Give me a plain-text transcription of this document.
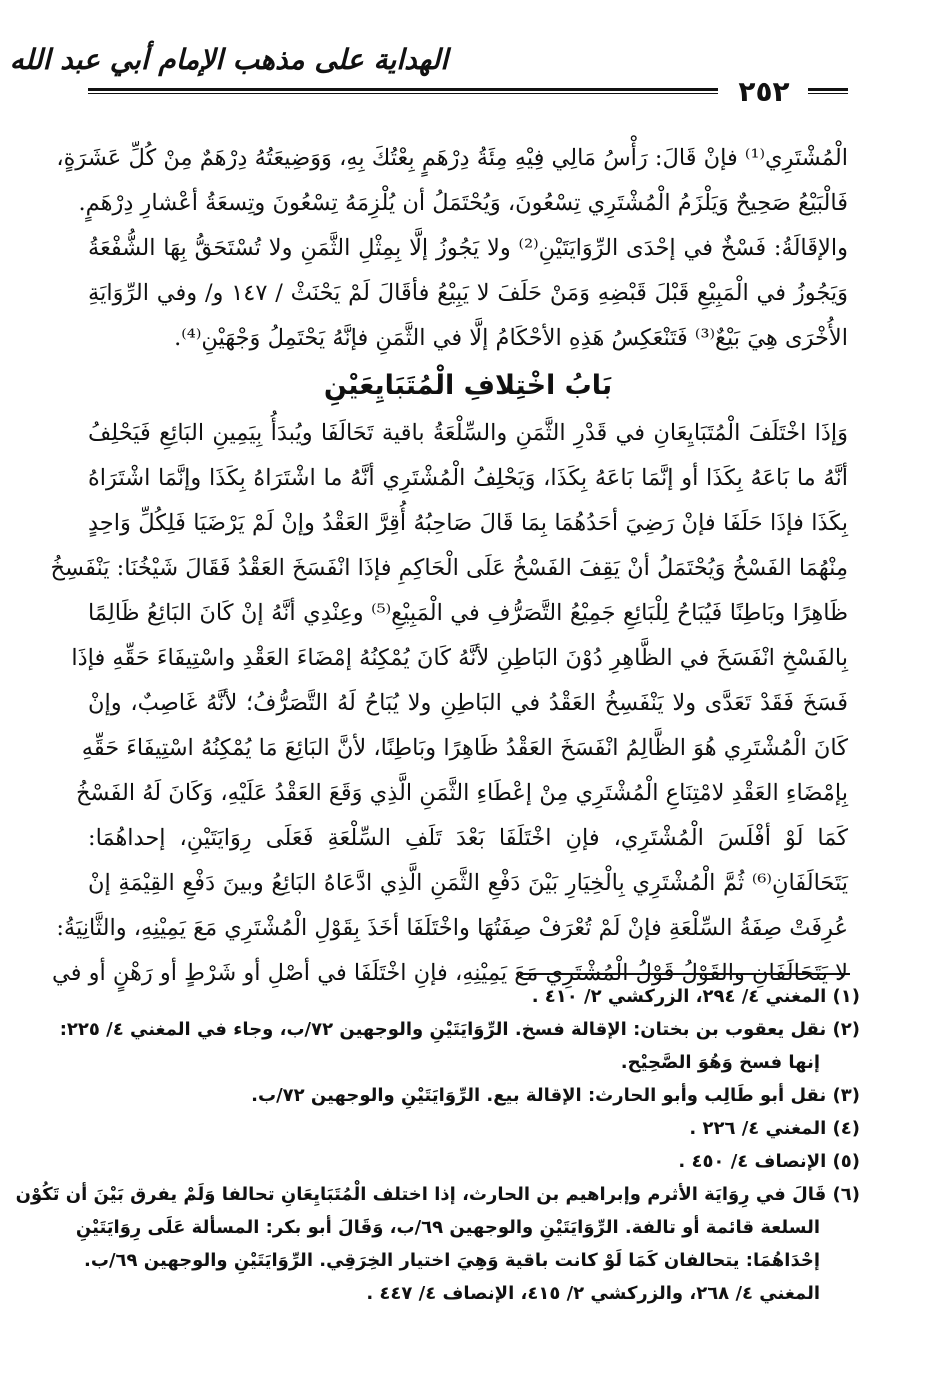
الهداية على مذهب الإمام أبي عبد الله
٢٥٢
الْمُشْتَرِي⁽¹⁾ فإنْ قَالَ: رَأْسُ مَالِي فِيْهِ مِئَةُ دِرْهَمٍ بِعْتُكَ بِهِ، وَوَضِيعَتُهُ دِرْهَمٌ مِنْ كُلِّ عَشَرَةٍ،
فَالْبَيْعُ صَحِيحٌ وَيَلْزَمُ الْمُشْتَرِي تِسْعُونَ، وَيُحْتَمَلُ أن يُلْزِمَهُ تِسْعُونَ وتِسعَةُ أعْشارِ دِرْهَمٍ.
والإقَالَةُ: فَسْخٌ في إحْدَى الرِّوَايَتَيْنِ⁽²⁾ ولا يَجُوزُ إلَّا بِمِثْلِ الثَّمَنِ ولا تُسْتَحَقُّ بِهَا الشُّفْعَةُ
وَيَجُوزُ في الْمَبِيْعِ قَبْلَ قَبْضِهِ وَمَنْ حَلَفَ لا يَبِيْعُ فأقَالَ لَمْ يَحْنَثْ / ١٤٧ و/ وفي الرِّوَايَةِ
الأُخْرَى هِيَ بَيْعٌ⁽³⁾ فَتَنْعَكِسُ هَذِهِ الأحْكَامُ إلَّا في الثَّمَنِ فإنَّهُ يَحْتَمِلُ وَجْهَيْنِ⁽⁴⁾.
بَابُ اخْتِلافِ الْمُتَبَايِعَيْنِ
وَإذَا اخْتَلَفَ الْمُتَبَايِعَانِ في قَدْرِ الثَّمَنِ والسِّلْعَةُ باقية تَحَالَفَا ويُبدَأُ بِيَمِينِ البَائِعِ فَيَحْلِفُ
أنَّهُ ما بَاعَهُ بِكَذَا أو إنَّمَا بَاعَهُ بِكَذَا، وَيَحْلِفُ الْمُشْتَرِي أنَّهُ ما اشْتَرَاهُ بِكَذَا وإنَّمَا اشْتَرَاهُ
بِكَذَا فإذَا حَلَفَا فإنْ رَضِيَ أحَدُهُمَا بِمَا قَالَ صَاحِبُهُ أُقِرَّ العَقْدُ وإنْ لَمْ يَرْضَيَا فَلِكُلِّ وَاحِدٍ
مِنْهُمَا الفَسْخُ وَيُحْتَمَلُ أنْ يَقِفَ الفَسْخُ عَلَى الْحَاكِمِ فإذَا انْفَسَخَ العَقْدُ فَقَالَ شَيْخُنَا: يَنْفَسِخُ
ظَاهِرًا وبَاطِنًا فَيُبَاحُ لِلْبَائِعِ جَمِيْعُ التَّصَرُّفِ في الْمَبِيْعِ⁽⁵⁾ وعِنْدِي أنَّهُ إنْ كَانَ البَائِعُ ظَالِمًا
بِالفَسْخِ انْفَسَخَ في الظَّاهِرِ دُوْنَ البَاطِنِ لأنَّهُ كَانَ يُمْكِنُهُ إمْضَاءَ العَقْدِ واسْتِيفَاءَ حَقِّهِ فإذَا
فَسَخَ فَقَدْ تَعَدَّى ولا يَنْفَسِخُ العَقْدُ في البَاطِنِ ولا يُبَاحُ لَهُ التَّصَرُّفُ؛ لأنَّهُ غَاصِبٌ، وإنْ
كَانَ الْمُشْتَرِي هُوَ الظَّالِمُ انْفَسَخَ العَقْدُ ظَاهِرًا وبَاطِنًا، لأنَّ البَائِعَ مَا يُمْكِنُهُ اسْتِيفَاءَ حَقِّهِ
بِإمْضَاءِ العَقْدِ لامْتِنَاعِ الْمُشْتَرِي مِنْ إعْطَاءِ الثَّمَنِ الَّذِي وَقَعَ العَقْدُ عَلَيْهِ، وَكَانَ لَهُ الفَسْخُ
كَمَا لَوْ أفْلَسَ الْمُشْتَرِي، فإنِ اخْتَلَفَا بَعْدَ تَلَفِ السِّلْعَةِ فَعَلَى رِوَايَتَيْنِ، إحداهُمَا:
يَتَحَالَفَانِ⁽⁶⁾ ثُمَّ الْمُشْتَرِي بِالْخِيَارِ بَيْنَ دَفْعِ الثَّمَنِ الَّذِي ادَّعَاهُ البَائِعُ وبينَ دَفْعِ القِيْمَةِ إنْ
عُرِفَتْ صِفَةُ السِّلْعَةِ فإنْ لَمْ تُعْرَفْ صِفَتُهَا واخْتَلَفَا أخَذَ بِقَوْلِ الْمُشْتَرِي مَعَ يَمِيْنِهِ، والثَّانِيَةُ:
لا يَتَحَالَفَانِ والقَوْلُ قَوْلُ الْمُشْتَرِي مَعَ يَمِيْنِهِ، فإنِ اخْتَلَفَا في أصْلِ أو شَرْطٍ أو رَهْنٍ أو في
(١) المغني ٤/ ٢٩٤، الزركشي ٢/ ٤١٠ .
(٢) نقل يعقوب بن بختان: الإقالة فسخ. الرِّوَايَتَيْنِ والوجهين ٧٢/ب، وجاء في المغني ٤/ ٢٢٥:
إنها فسخ وَهُوَ الصَّحِيْح.
(٣) نقل أبو طَالِب وأبو الحارث: الإقالة بيع. الرِّوَايَتَيْنِ والوجهين ٧٢/ب.
(٤) المغني ٤/ ٢٢٦ .
(٥) الإنصاف ٤/ ٤٥٠ .
(٦) قَالَ في رِوَايَة الأثرم وإبراهيم بن الحارث، إذا اختلف الْمُتَبَايِعَانِ تحالفا وَلَمْ يفرق بَيْنَ أن تَكُوْن
السلعة قائمة أو تالفة. الرِّوَايَتَيْنِ والوجهين ٦٩/ب، وَقَالَ أبو بكر: المسألة عَلَى رِوَايَتَيْنِ
إحْدَاهُمَا: يتحالفان كَمَا لَوْ كانت باقية وَهِيَ اختيار الخِرَقِي. الرِّوَايَتَيْنِ والوجهين ٦٩/ب.
المغني ٤/ ٢٦٨، والزركشي ٢/ ٤١٥، الإنصاف ٤/ ٤٤٧ .
